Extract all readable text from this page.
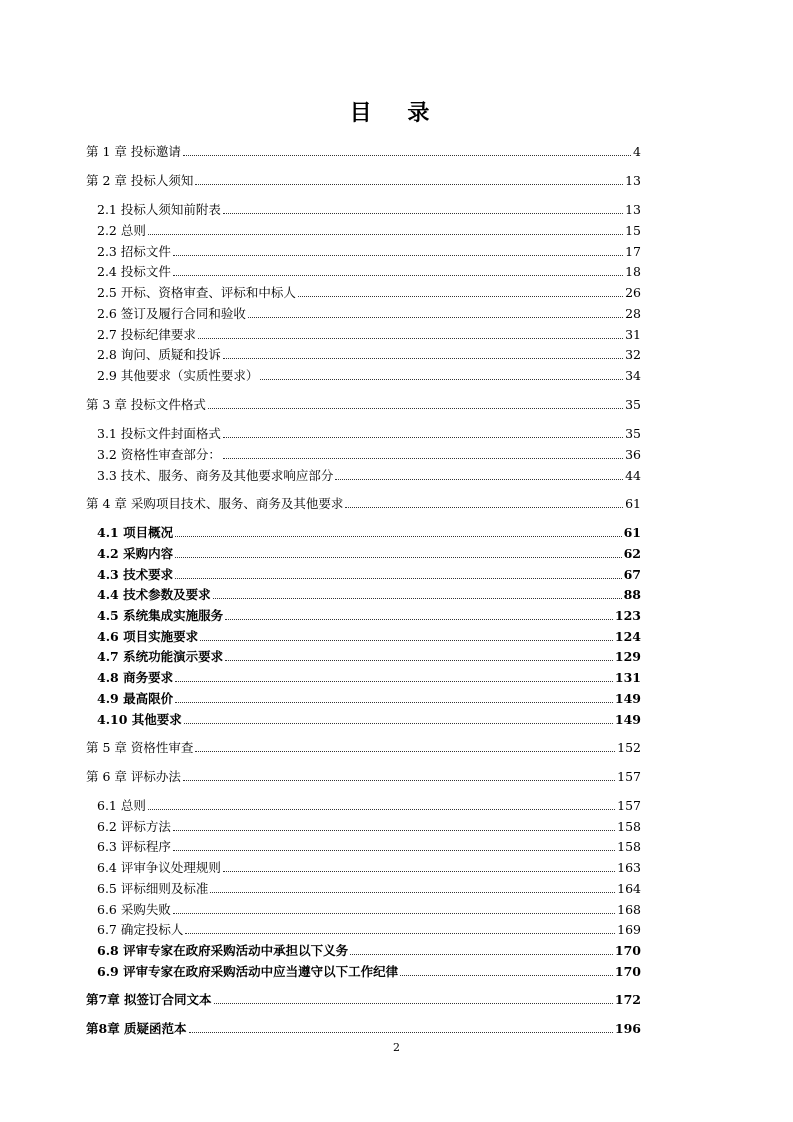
目 录
第 1 章 投标邀请	4
第 2 章 投标人须知	13
2.1 投标人须知前附表	13
2.2 总则	15
2.3 招标文件	17
2.4 投标文件	18
2.5 开标、资格审查、评标和中标人	26
2.6 签订及履行合同和验收	28
2.7 投标纪律要求	31
2.8 询问、质疑和投诉	32
2.9 其他要求（实质性要求）	34
第 3 章 投标文件格式	35
3.1 投标文件封面格式	35
3.2 资格性审查部分：	36
3.3 技术、服务、商务及其他要求响应部分	44
第 4 章 采购项目技术、服务、商务及其他要求	61
4.1 项目概况	61
4.2 采购内容	62
4.3 技术要求	67
4.4 技术参数及要求	88
4.5 系统集成实施服务	123
4.6 项目实施要求	124
4.7 系统功能演示要求	129
4.8 商务要求	131
4.9 最高限价	149
4.10 其他要求	149
第 5 章 资格性审查	152
第 6 章 评标办法	157
6.1 总则	157
6.2 评标方法	158
6.3 评标程序	158
6.4 评审争议处理规则	163
6.5 评标细则及标准	164
6.6 采购失败	168
6.7 确定投标人	169
6.8 评审专家在政府采购活动中承担以下义务	170
6.9 评审专家在政府采购活动中应当遵守以下工作纪律	170
第7章 拟签订合同文本	172
第8章 质疑函范本	196
2
